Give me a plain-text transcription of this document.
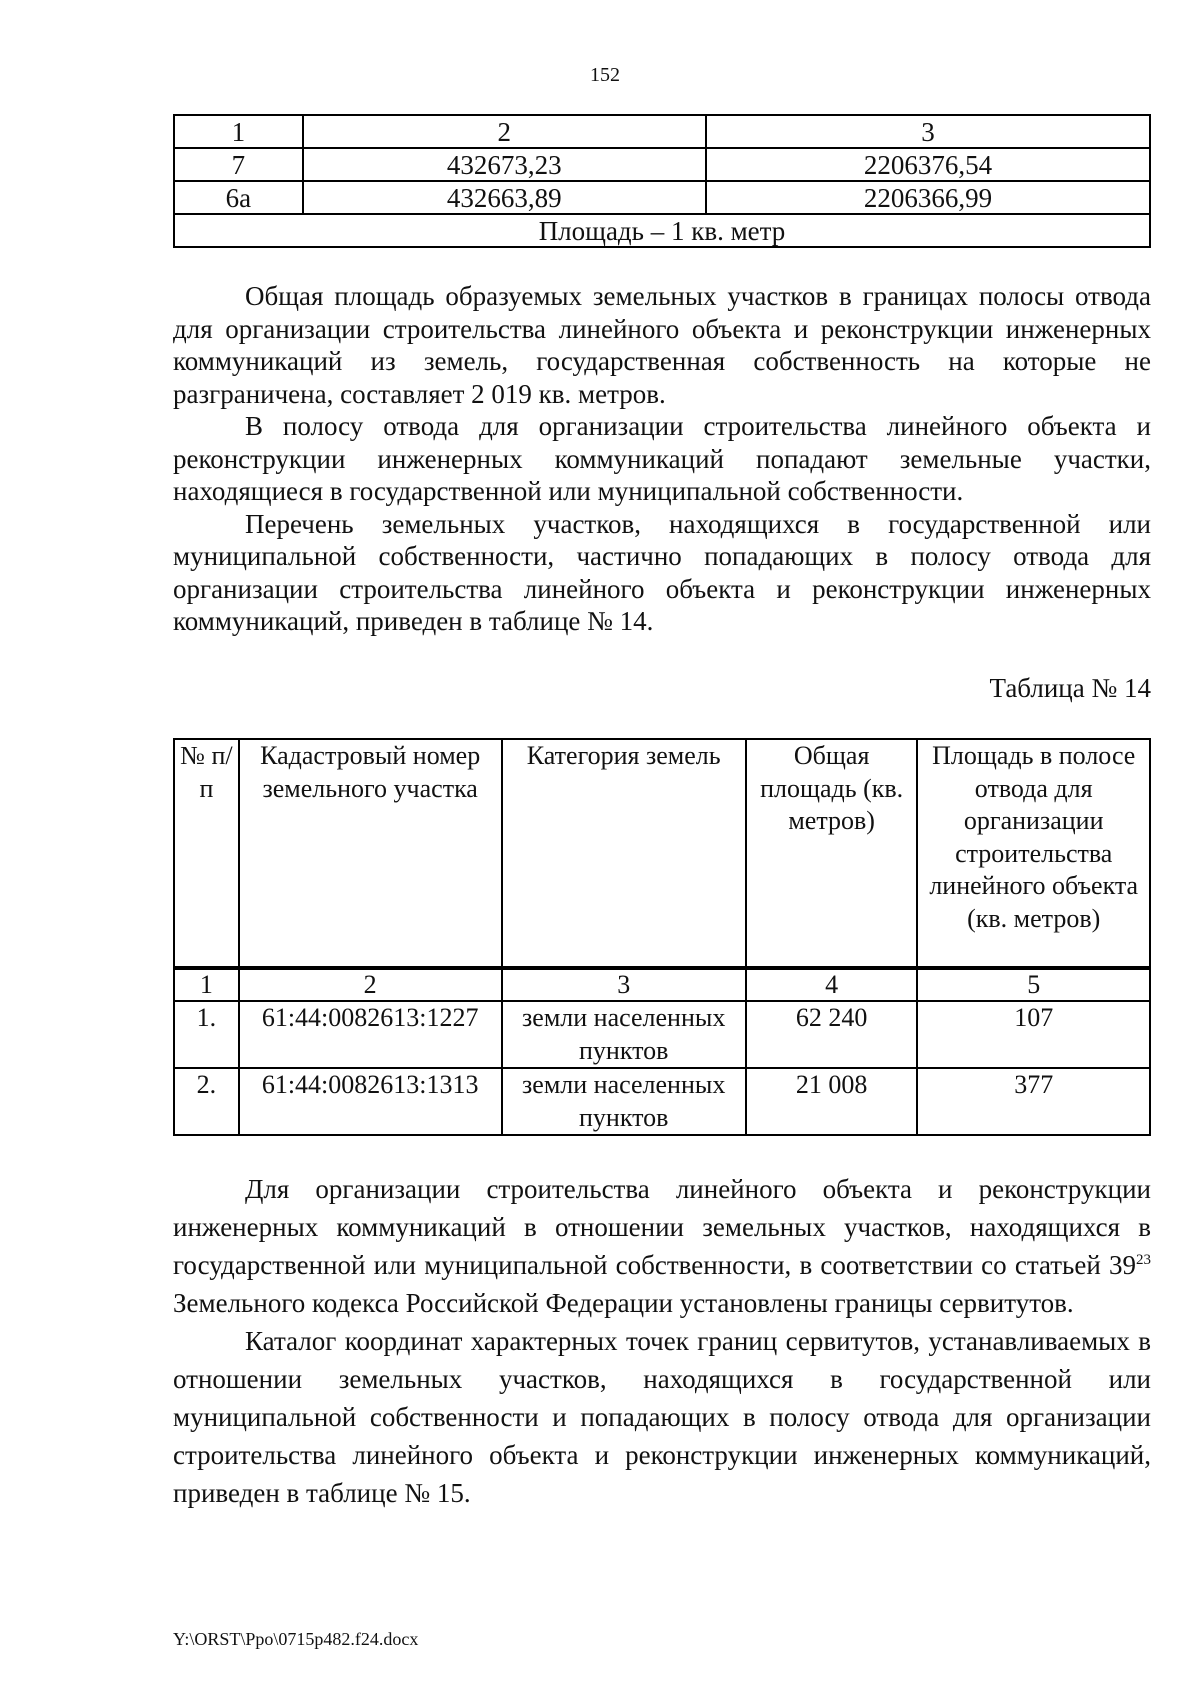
152
1	2	3
7	432673,23	2206376,54
6а	432663,89	2206366,99
Площадь – 1 кв. метр		

Общая площадь образуемых земельных участков в границах полосы отвода для организации строительства линейного объекта и реконструкции инженерных коммуникаций из земель, государственная собственность на которые не разграничена, составляет 2 019 кв. метров.

В полосу отвода для организации строительства линейного объекта и реконструкции инженерных коммуникаций попадают земельные участки, находящиеся в государственной или муниципальной собственности.

Перечень земельных участков, находящихся в государственной или муниципальной собственности, частично попадающих в полосу отвода для организации строительства линейного объекта и реконструкции инженерных коммуникаций, приведен в таблице № 14.

Таблица № 14
№ п/п	Кадастровый номер земельного участка	Категория земель	Общая площадь (кв. метров)	Площадь в полосе отвода для организации строительства линейного объекта (кв. метров)
1	2	3	4	5
1.	61:44:0082613:1227	земли населенных пунктов	62 240	107
2.	61:44:0082613:1313	земли населенных пунктов	21 008	377

Для организации строительства линейного объекта и реконструкции инженерных коммуникаций в отношении земельных участков, находящихся в государственной или муниципальной собственности, в соответствии со статьей $39^{23}$ Земельного кодекса Российской Федерации установлены границы сервитутов.

Каталог координат характерных точек границ сервитутов, устанавливаемых в отношении земельных участков, находящихся в государственной или муниципальной собственности и попадающих в полосу отвода для организации строительства линейного объекта и реконструкции инженерных коммуникаций, приведен в таблице № 15.

Y:\ORST\Ppo\0715p482.f24.docx
